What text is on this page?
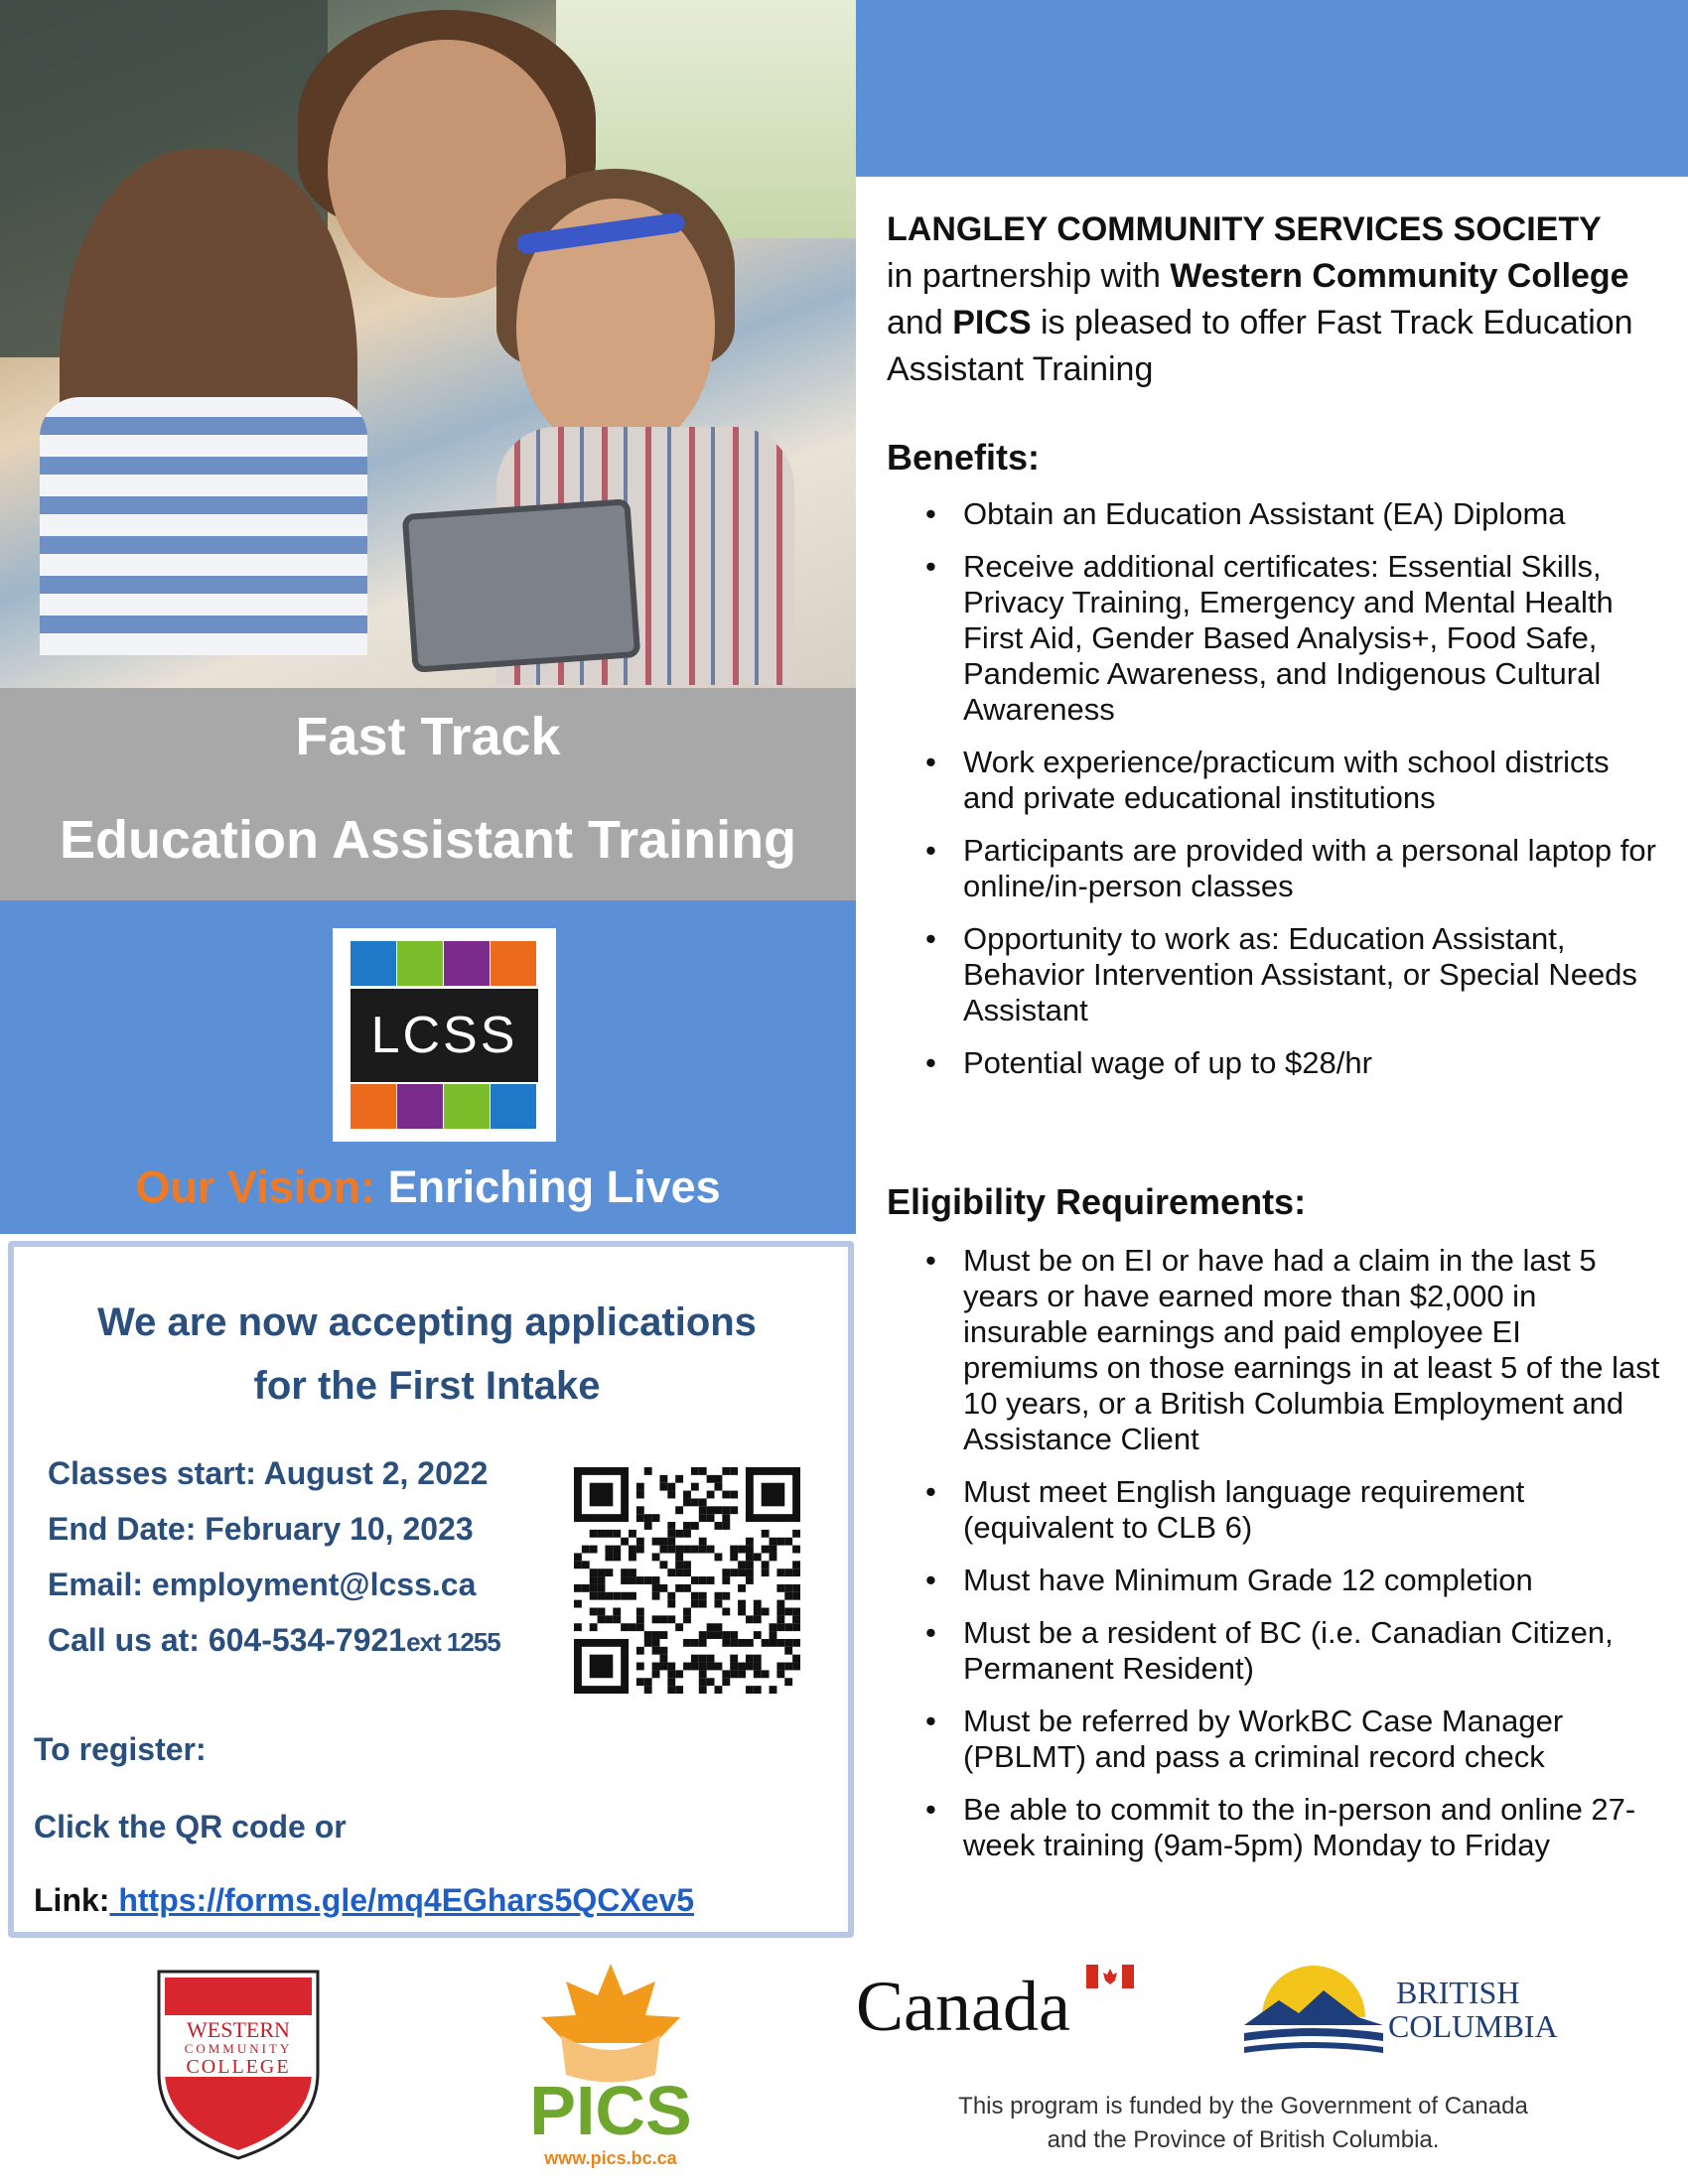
Fast Track
Education Assistant Training
LCSS
Our Vision: Enriching Lives
We are now accepting applications
for the First Intake
Classes start: August 2, 2022
End Date: February 10, 2023
Email: employment@lcss.ca
Call us at: 604-534-7921ext 1255
To register:
Click the QR code or
Link: https://forms.gle/mq4EGhars5QCXev5
LANGLEY COMMUNITY SERVICES SOCIETY
in partnership with Western Community College
and PICS is pleased to offer Fast Track Education Assistant Training
Benefits:
• Obtain an Education Assistant (EA) Diploma
• Receive additional certificates: Essential Skills, Privacy Training, Emergency and Mental Health First Aid, Gender Based Analysis+, Food Safe, Pandemic Awareness, and Indigenous Cultural Awareness
• Work experience/practicum with school districts and private educational institutions
• Participants are provided with a personal laptop for online/in-person classes
• Opportunity to work as: Education Assistant, Behavior Intervention Assistant, or Special Needs Assistant
• Potential wage of up to $28/hr
Eligibility Requirements:
• Must be on EI or have had a claim in the last 5 years or have earned more than $2,000 in insurable earnings and paid employee EI premiums on those earnings in at least 5 of the last 10 years, or a British Columbia Employment and Assistance Client
• Must meet English language requirement (equivalent to CLB 6)
• Must have Minimum Grade 12 completion
• Must be a resident of BC (i.e. Canadian Citizen, Permanent Resident)
• Must be referred by WorkBC Case Manager (PBLMT) and pass a criminal record check
• Be able to commit to the in-person and online 27-week training (9am-5pm) Monday to Friday
WESTERN
COMMUNITY
COLLEGE
PICS
www.pics.bc.ca
Canada	BRITISH
COLUMBIA
This program is funded by the Government of Canada
and the Province of British Columbia.
